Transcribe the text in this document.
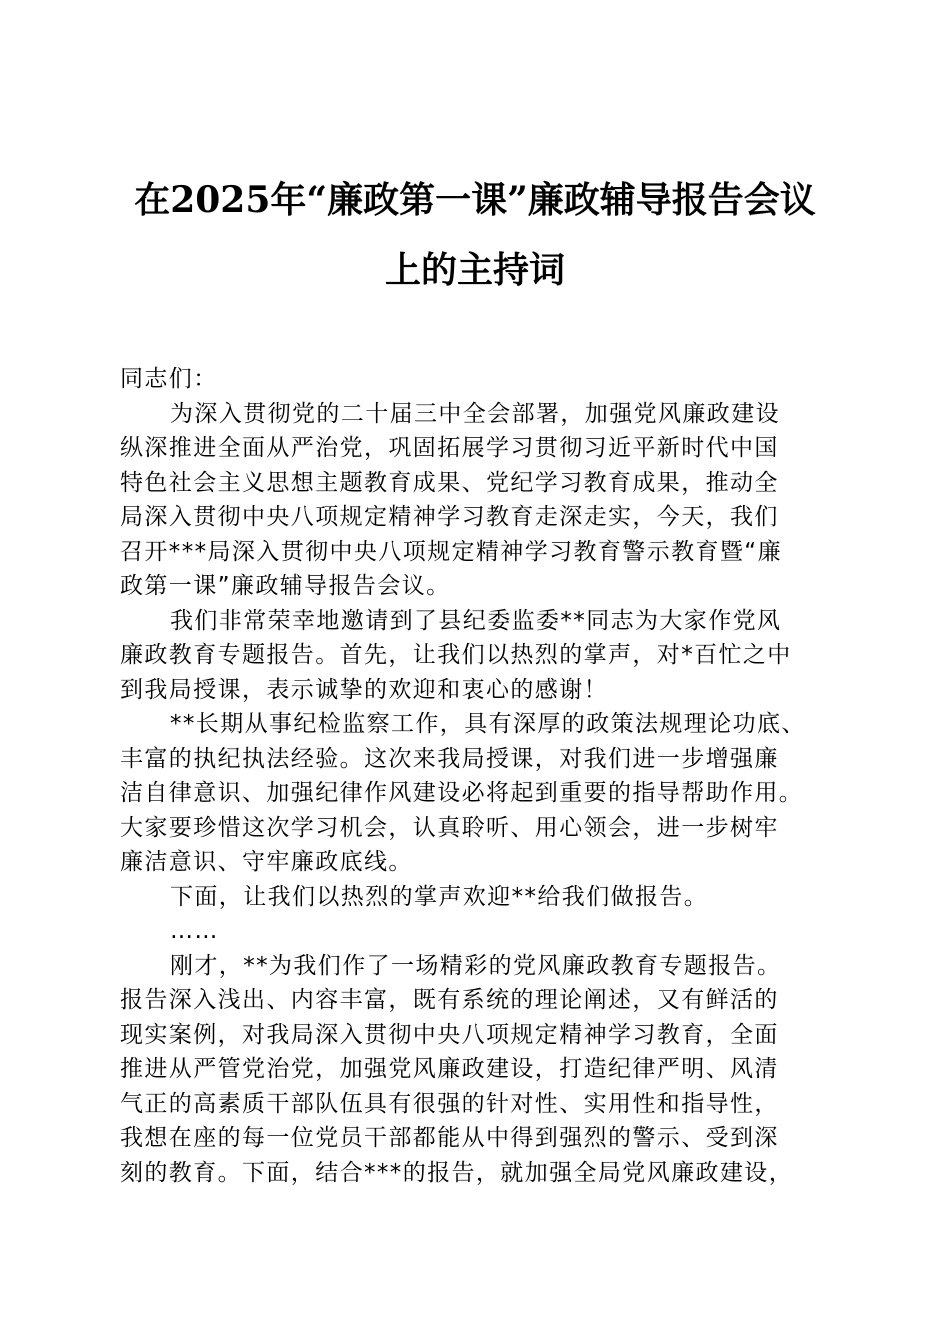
在2025年“廉政第一课”廉政辅导报告会议
上的主持词
同志们：
为深入贯彻党的二十届三中全会部署，加强党风廉政建设
纵深推进全面从严治党，巩固拓展学习贯彻习近平新时代中国
特色社会主义思想主题教育成果、党纪学习教育成果，推动全
局深入贯彻中央八项规定精神学习教育走深走实，今天，我们
召开***局深入贯彻中央八项规定精神学习教育警示教育暨“廉
政第一课”廉政辅导报告会议。
我们非常荣幸地邀请到了县纪委监委**同志为大家作党风
廉政教育专题报告。首先，让我们以热烈的掌声，对*百忙之中
到我局授课，表示诚挚的欢迎和衷心的感谢！
**长期从事纪检监察工作，具有深厚的政策法规理论功底、
丰富的执纪执法经验。这次来我局授课，对我们进一步增强廉
洁自律意识、加强纪律作风建设必将起到重要的指导帮助作用。
大家要珍惜这次学习机会，认真聆听、用心领会，进一步树牢
廉洁意识、守牢廉政底线。
下面，让我们以热烈的掌声欢迎**给我们做报告。
……
刚才，**为我们作了一场精彩的党风廉政教育专题报告。
报告深入浅出、内容丰富，既有系统的理论阐述，又有鲜活的
现实案例，对我局深入贯彻中央八项规定精神学习教育，全面
推进从严管党治党，加强党风廉政建设，打造纪律严明、风清
气正的高素质干部队伍具有很强的针对性、实用性和指导性，
我想在座的每一位党员干部都能从中得到强烈的警示、受到深
刻的教育。下面，结合***的报告，就加强全局党风廉政建设，
